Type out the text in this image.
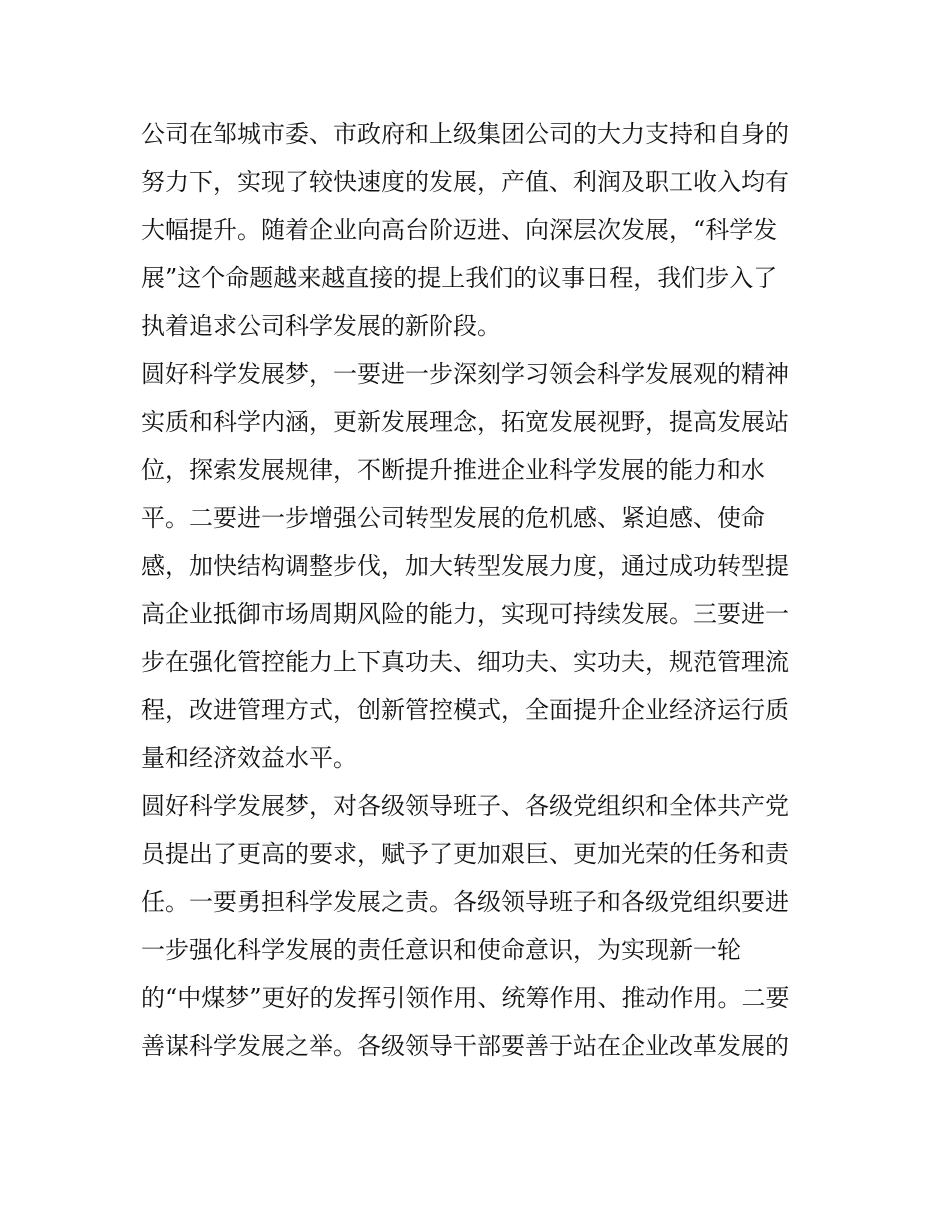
公司在邹城市委、市政府和上级集团公司的大力支持和自身的
努力下，实现了较快速度的发展，产值、利润及职工收入均有
大幅提升。随着企业向高台阶迈进、向深层次发展，“科学发
展”这个命题越来越直接的提上我们的议事日程，我们步入了
执着追求公司科学发展的新阶段。
圆好科学发展梦，一要进一步深刻学习领会科学发展观的精神
实质和科学内涵，更新发展理念，拓宽发展视野，提高发展站
位，探索发展规律，不断提升推进企业科学发展的能力和水
平。二要进一步增强公司转型发展的危机感、紧迫感、使命
感，加快结构调整步伐，加大转型发展力度，通过成功转型提
高企业抵御市场周期风险的能力，实现可持续发展。三要进一
步在强化管控能力上下真功夫、细功夫、实功夫，规范管理流
程，改进管理方式，创新管控模式，全面提升企业经济运行质
量和经济效益水平。
圆好科学发展梦，对各级领导班子、各级党组织和全体共产党
员提出了更高的要求，赋予了更加艰巨、更加光荣的任务和责
任。一要勇担科学发展之责。各级领导班子和各级党组织要进
一步强化科学发展的责任意识和使命意识，为实现新一轮
的“中煤梦”更好的发挥引领作用、统筹作用、推动作用。二要
善谋科学发展之举。各级领导干部要善于站在企业改革发展的
